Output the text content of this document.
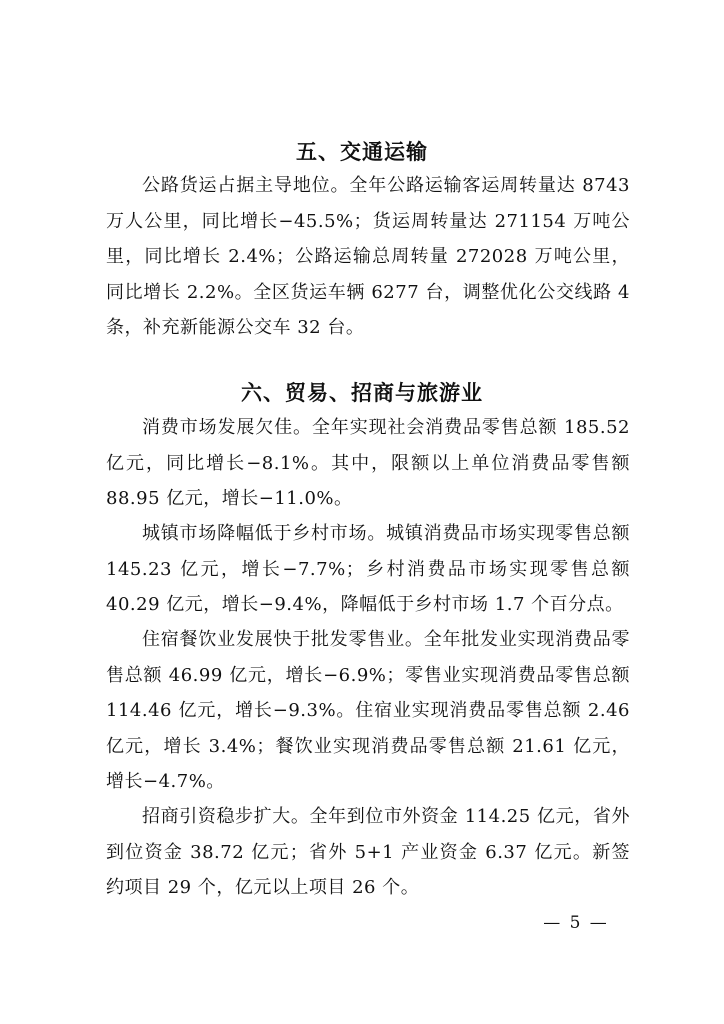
五、交通运输

公路货运占据主导地位。全年公路运输客运周转量达 8743 万人公里，同比增长−45.5%；货运周转量达 271154 万吨公里，同比增长 2.4%；公路运输总周转量 272028 万吨公里，同比增长 2.2%。全区货运车辆 6277 台，调整优化公交线路 4 条，补充新能源公交车 32 台。

六、贸易、招商与旅游业

消费市场发展欠佳。全年实现社会消费品零售总额 185.52 亿元，同比增长−8.1%。其中，限额以上单位消费品零售额 88.95 亿元，增长−11.0%。

城镇市场降幅低于乡村市场。城镇消费品市场实现零售总额 145.23 亿元，增长−7.7%；乡村消费品市场实现零售总额 40.29 亿元，增长−9.4%，降幅低于乡村市场 1.7 个百分点。

住宿餐饮业发展快于批发零售业。全年批发业实现消费品零售总额 46.99 亿元，增长−6.9%；零售业实现消费品零售总额 114.46 亿元，增长−9.3%。住宿业实现消费品零售总额 2.46 亿元，增长 3.4%；餐饮业实现消费品零售总额 21.61 亿元，增长−4.7%。

招商引资稳步扩大。全年到位市外资金 114.25 亿元，省外到位资金 38.72 亿元；省外 5+1 产业资金 6.37 亿元。新签约项目 29 个，亿元以上项目 26 个。

— 5 —
